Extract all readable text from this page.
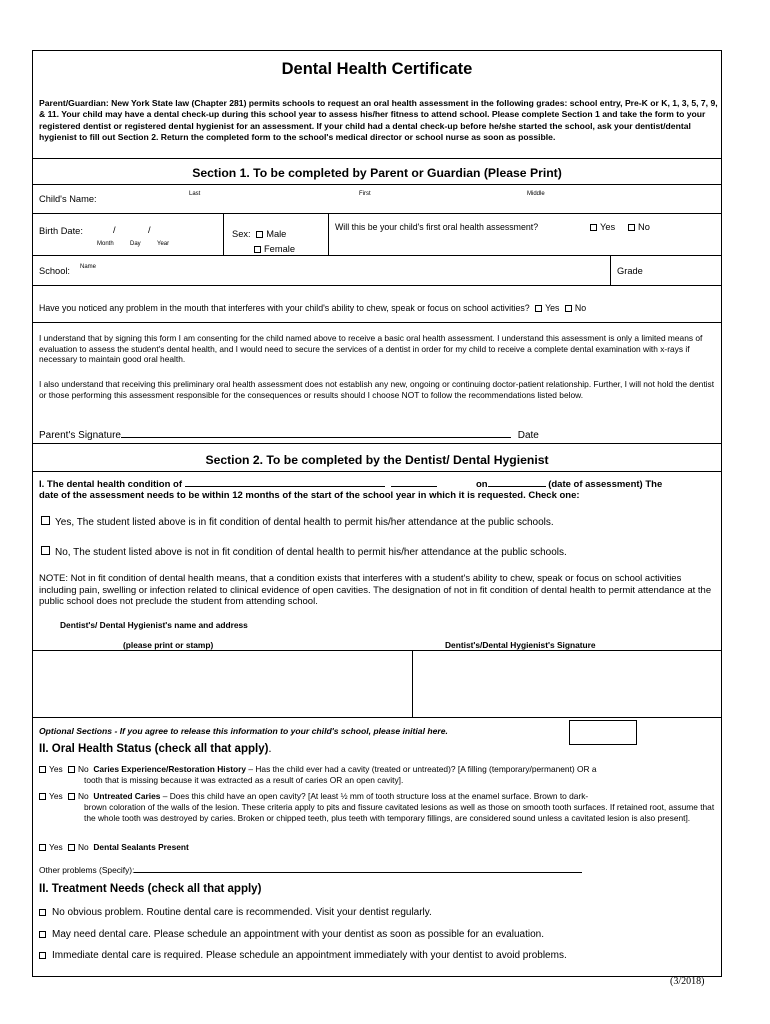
Dental Health Certificate
Parent/Guardian: New York State law (Chapter 281) permits schools to request an oral health assessment in the following grades: school entry, Pre-K or K, 1, 3, 5, 7, 9, & 11. Your child may have a dental check-up during this school year to assess his/her fitness to attend school. Please complete Section 1 and take the form to your registered dentist or registered dental hygienist for an assessment. If your child had a dental check-up before he/she started the school, ask your dentist/dental hygienist to fill out Section 2. Return the completed form to the school's medical director or school nurse as soon as possible.
Section 1. To be completed by Parent or Guardian (Please Print)
Child's Name:	Last	First	Middle
Birth Date:	/	/
Month	Day	Year
Sex: Male
Female
Will this be your child's first oral health assessment?	Yes	No
School: Name	Grade
Have you noticed any problem in the mouth that interferes with your child's ability to chew, speak or focus on school activities? Yes No
I understand that by signing this form I am consenting for the child named above to receive a basic oral health assessment. I understand this assessment is only a limited means of evaluation to assess the student's dental health, and I would need to secure the services of a dentist in order for my child to receive a complete dental examination with x-rays if necessary to maintain good oral health.
I also understand that receiving this preliminary oral health assessment does not establish any new, ongoing or continuing doctor-patient relationship. Further, I will not hold the dentist or those performing this assessment responsible for the consequences or results should I choose NOT to follow the recommendations listed below.
Parent's Signature	Date
Section 2. To be completed by the Dentist/ Dental Hygienist
I. The dental health condition of	on	(date of assessment) The
date of the assessment needs to be within 12 months of the start of the school year in which it is requested. Check one:
Yes, The student listed above is in fit condition of dental health to permit his/her attendance at the public schools.
No, The student listed above is not in fit condition of dental health to permit his/her attendance at the public schools.
NOTE: Not in fit condition of dental health means, that a condition exists that interferes with a student's ability to chew, speak or focus on school activities including pain, swelling or infection related to clinical evidence of open cavities. The designation of not in fit condition of dental health to permit attendance at the public school does not preclude the student from attending school.
Dentist's/ Dental Hygienist's name and address
(please print or stamp)	Dentist's/Dental Hygienist's Signature
Optional Sections - If you agree to release this information to your child's school, please initial here.
II. Oral Health Status (check all that apply).
Yes No Caries Experience/Restoration History – Has the child ever had a cavity (treated or untreated)? [A filling (temporary/permanent) OR a
tooth that is missing because it was extracted as a result of caries OR an open cavity].
Yes No Untreated Caries – Does this child have an open cavity? [At least ½ mm of tooth structure loss at the enamel surface. Brown to dark-
brown coloration of the walls of the lesion. These criteria apply to pits and fissure cavitated lesions as well as those on smooth tooth surfaces. If retained root, assume that the whole tooth was destroyed by caries. Broken or chipped teeth, plus teeth with temporary fillings, are considered sound unless a cavitated lesion is also present].
Yes No Dental Sealants Present
Other problems (Specify):
II. Treatment Needs (check all that apply)
No obvious problem. Routine dental care is recommended. Visit your dentist regularly.
May need dental care. Please schedule an appointment with your dentist as soon as possible for an evaluation.
Immediate dental care is required. Please schedule an appointment immediately with your dentist to avoid problems.
(3/2018)
